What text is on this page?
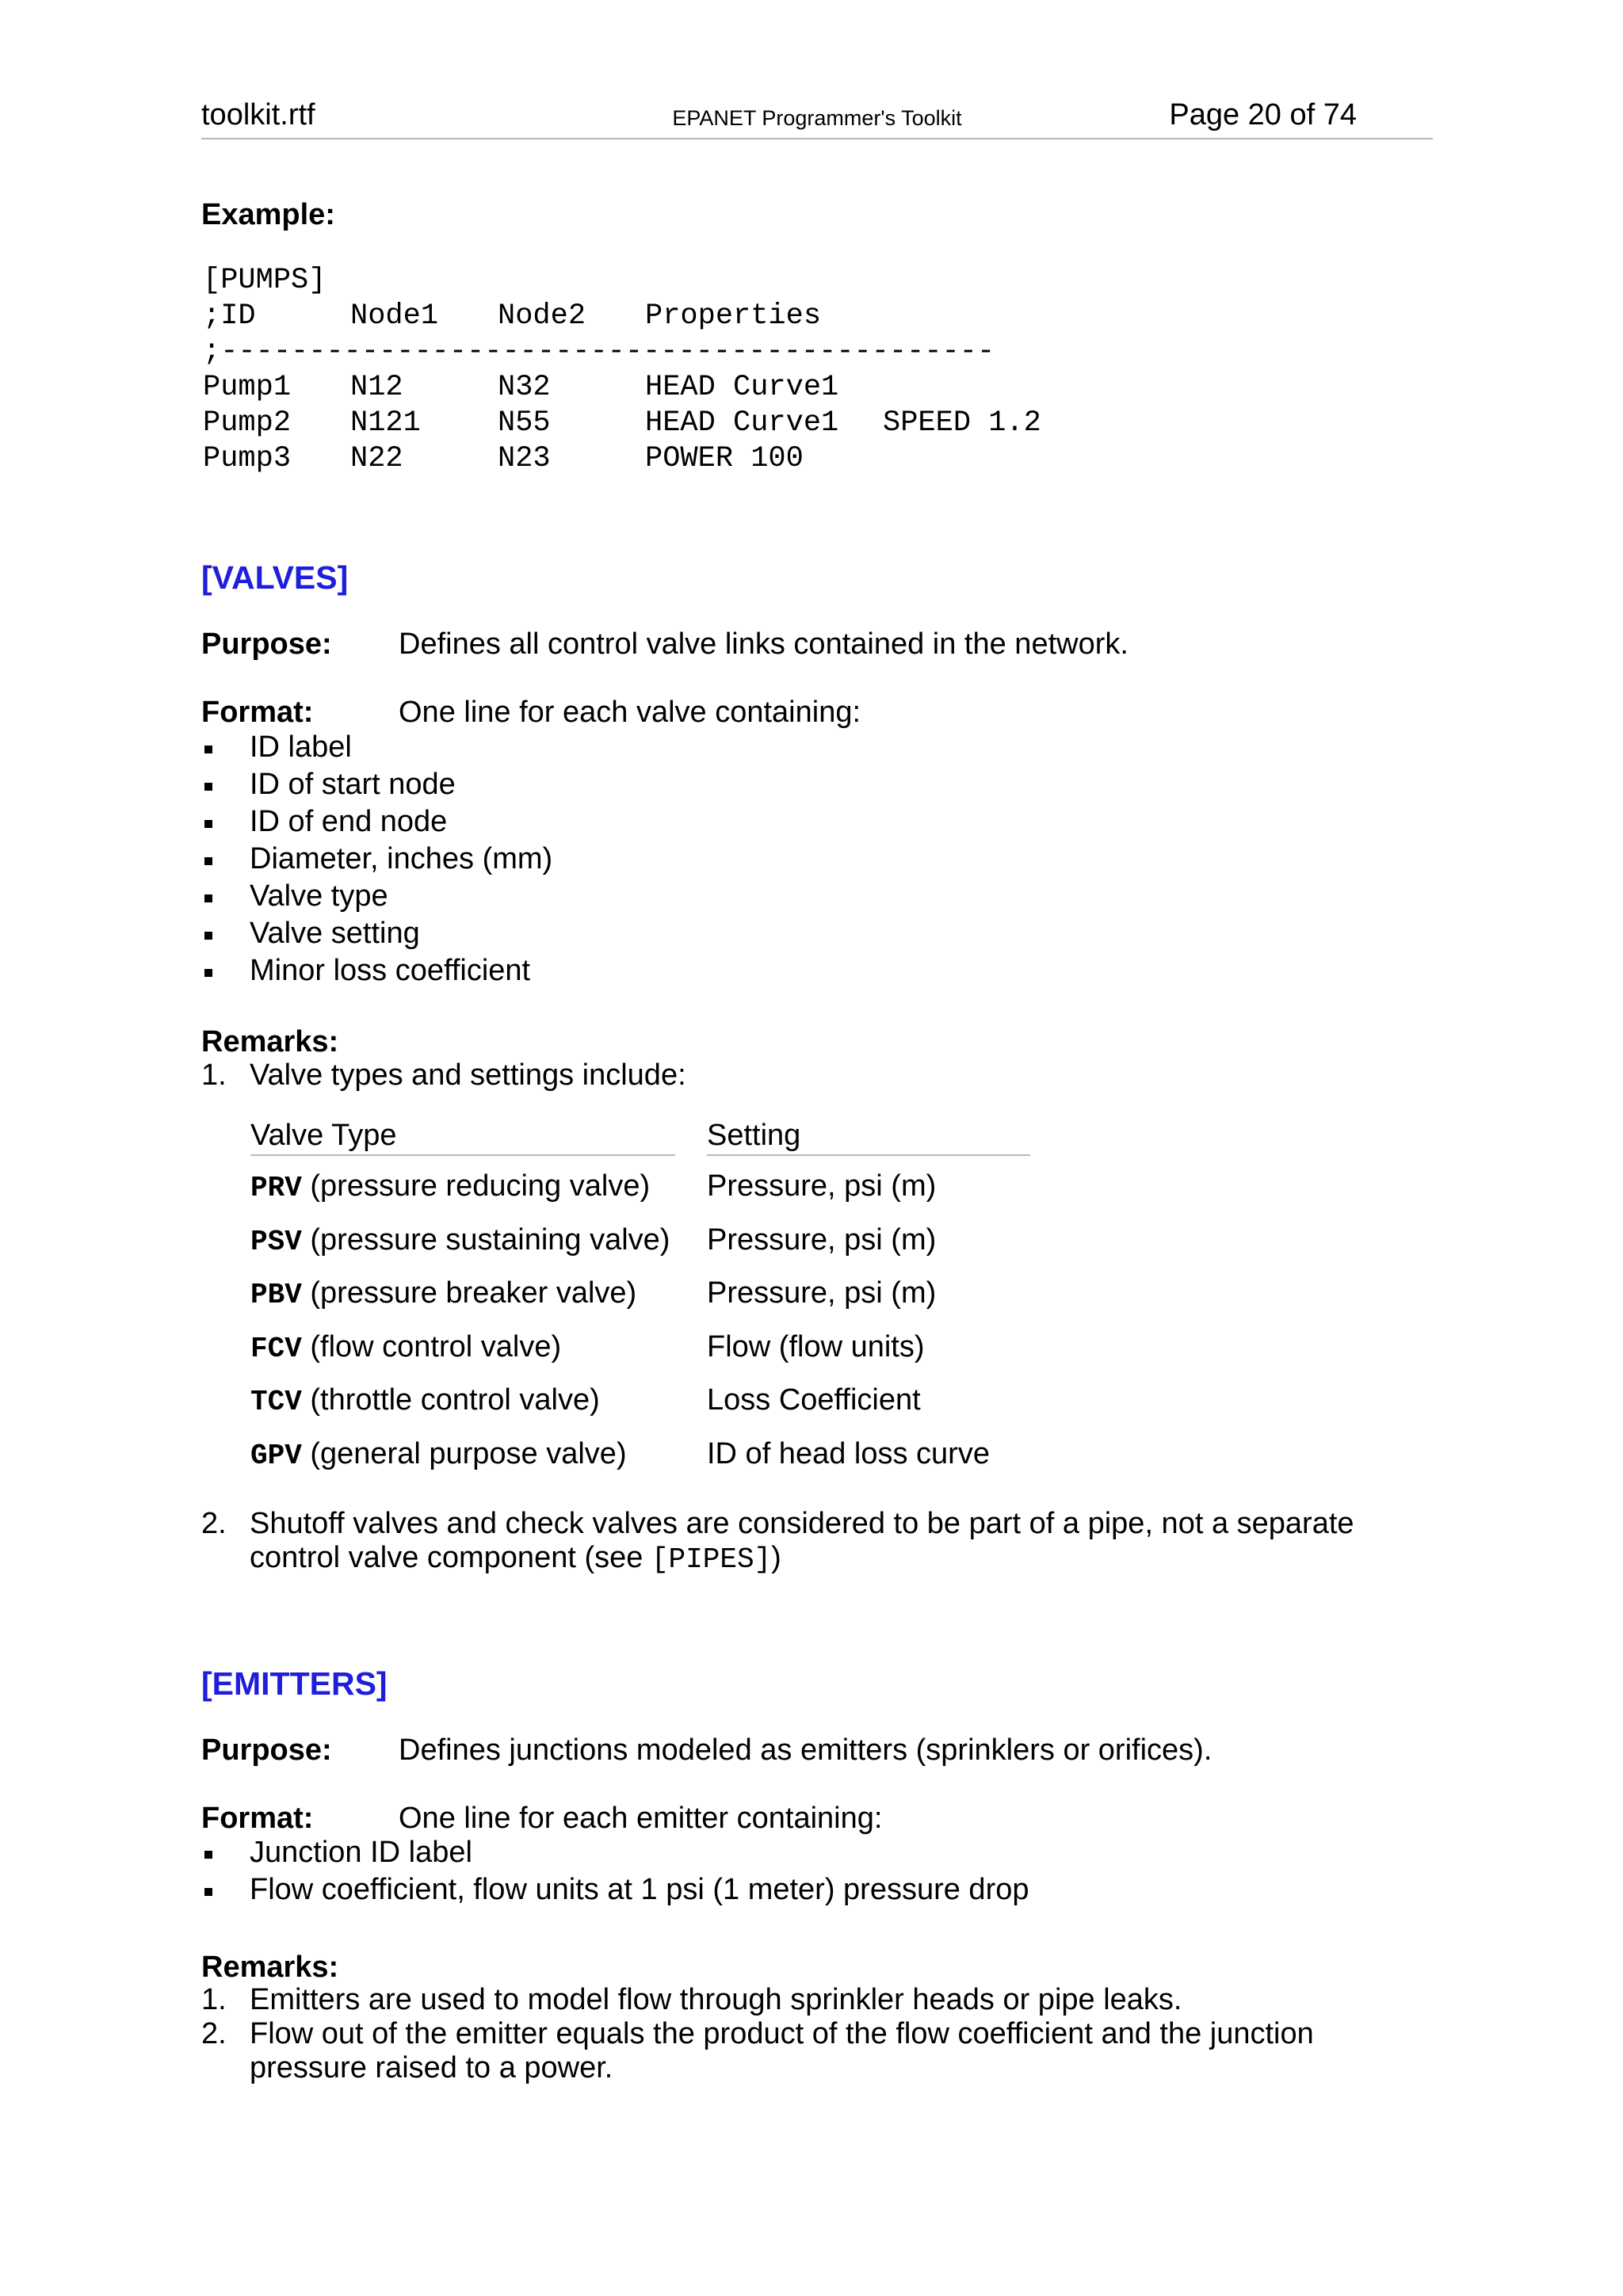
toolkit.rtf	EPANET Programmer's Toolkit	Page 20 of 74
Example:
[PUMPS]
;ID	Node1 Node2 Properties
;--------------------------------------------
Pump1 N12	N32	HEAD Curve1
Pump2 N121	N55	HEAD Curve1 SPEED 1.2
Pump3 N22	N23	POWER 100
[VALVES]
Purpose:	Defines all control valve links contained in the network.
Format:	One line for each valve containing:
ID label
ID of start node
ID of end node
Diameter, inches (mm)
Valve type
Valve setting
Minor loss coefficient
Remarks:
1. Valve types and settings include:
Valve Type	Setting
PRV (pressure reducing valve) Pressure, psi (m)
PSV (pressure sustaining valve) Pressure, psi (m)
PBV (pressure breaker valve) Pressure, psi (m)
FCV (flow control valve)	Flow (flow units)
TCV (throttle control valve)	Loss Coefficient
GPV (general purpose valve)	ID of head loss curve
2. Shutoff valves and check valves are considered to be part of a pipe, not a separate
control valve component (see [PIPES])
[EMITTERS]
Purpose:	Defines junctions modeled as emitters (sprinklers or orifices).
Format:	One line for each emitter containing:
Junction ID label
Flow coefficient, flow units at 1 psi (1 meter) pressure drop
Remarks:
1. Emitters are used to model flow through sprinkler heads or pipe leaks.
2. Flow out of the emitter equals the product of the flow coefficient and the junction
pressure raised to a power.
